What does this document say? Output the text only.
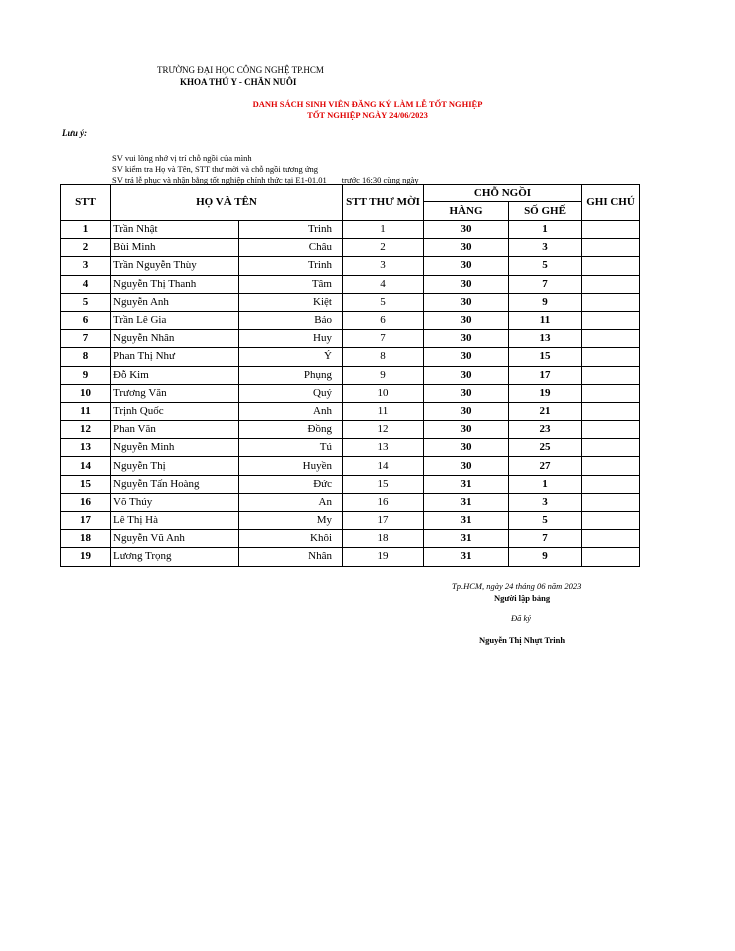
TRƯỜNG ĐẠI HỌC CÔNG NGHỆ TP.HCM
KHOA THÚ Y - CHĂN NUÔI
DANH SÁCH SINH VIÊN ĐĂNG KÝ LÀM LỄ TỐT NGHIỆP
TỐT NGHIỆP NGÀY 24/06/2023
Lưu ý:
SV vui lòng nhớ vị trí chỗ ngồi của mình
SV kiểm tra Họ và Tên, STT thư mời và chỗ ngồi tương ứng
SV trả lễ phục và nhận bằng tốt nghiệp chính thức tại E1-01.01 trước 16:30 cùng ngày
STT	HỌ VÀ TÊN		STT THƯ MỜI	CHỖ NGỒI		GHI CHÚ
				HÀNG	SỐ GHẾ	
1	Trần Nhật	Trinh	1	30	1	
2	Bùi Minh	Châu	2	30	3	
3	Trần Nguyễn Thùy	Trinh	3	30	5	
4	Nguyễn Thị Thanh	Tâm	4	30	7	
5	Nguyễn Anh	Kiệt	5	30	9	
6	Trần Lê Gia	Bảo	6	30	11	
7	Nguyễn Nhân	Huy	7	30	13	
8	Phan Thị Như	Ý	8	30	15	
9	Đỗ Kim	Phụng	9	30	17	
10	Trương Văn	Quý	10	30	19	
11	Trịnh Quốc	Anh	11	30	21	
12	Phan Văn	Đồng	12	30	23	
13	Nguyễn Minh	Tú	13	30	25	
14	Nguyễn Thị	Huyền	14	30	27	
15	Nguyễn Tấn Hoàng	Đức	15	31	1	
16	Võ Thúy	An	16	31	3	
17	Lê Thị Hà	My	17	31	5	
18	Nguyễn Vũ Anh	Khôi	18	31	7	
19	Lương Trọng	Nhân	19	31	9	
Tp.HCM, ngày 24 tháng 06 năm 2023
Người lập bảng
Đã ký
Nguyễn Thị Nhựt Trinh
